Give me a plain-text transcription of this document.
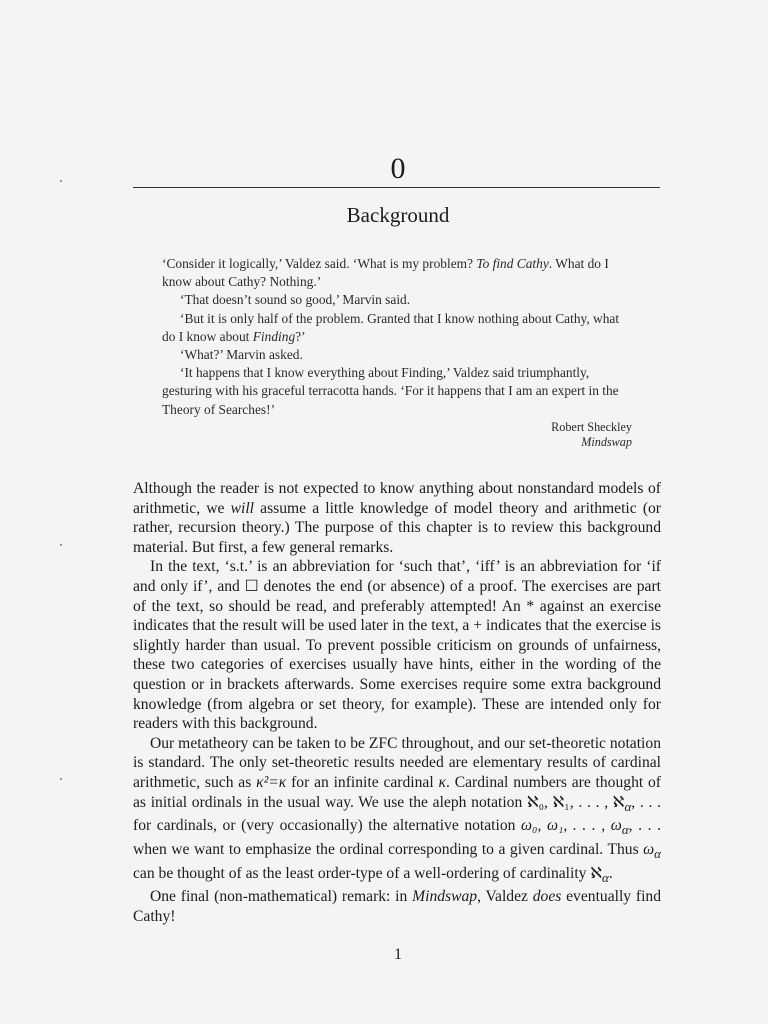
0
Background

‘Consider it logically,’ Valdez said. ‘What is my problem? To find Cathy. What do I know about Cathy? Nothing.’

‘That doesn’t sound so good,’ Marvin said.

‘But it is only half of the problem. Granted that I know nothing about Cathy, what do I know about Finding?’

‘What?’ Marvin asked.

‘It happens that I know everything about Finding,’ Valdez said triumphantly, gesturing with his graceful terracotta hands. ‘For it happens that I am an expert in the Theory of Searches!’

Robert Sheckley
Mindswap

Although the reader is not expected to know anything about nonstandard models of arithmetic, we will assume a little knowledge of model theory and arithmetic (or rather, recursion theory.) The purpose of this chapter is to review this background material. But first, a few general remarks.

In the text, ‘s.t.’ is an abbreviation for ‘such that’, ‘iff’ is an abbreviation for ‘if and only if’, and ☐ denotes the end (or absence) of a proof. The exercises are part of the text, so should be read, and preferably attempted! An * against an exercise indicates that the result will be used later in the text, a + indicates that the exercise is slightly harder than usual. To prevent possible criticism on grounds of unfairness, these two categories of exercises usually have hints, either in the wording of the question or in brackets afterwards. Some exercises require some extra background knowledge (from algebra or set theory, for example). These are intended only for readers with this background.

Our metatheory can be taken to be ZFC throughout, and our set-theoretic notation is standard. The only set-theoretic results needed are elementary results of cardinal arithmetic, such as κ²=κ for an infinite cardinal κ. Cardinal numbers are thought of as initial ordinals in the usual way. We use the aleph notation ℵ₀, ℵ₁, . . . , ℵ$_\alpha$, . . . for cardinals, or (very occasionally) the alternative notation ω₀, ω₁, . . . , $\omega_\alpha$, . . . when we want to emphasize the ordinal corresponding to a given cardinal. Thus $\omega_\alpha$ can be thought of as the least order-type of a well-ordering of cardinality ℵ$_\alpha$.

One final (non-mathematical) remark: in Mindswap, Valdez does eventually find Cathy!

1
